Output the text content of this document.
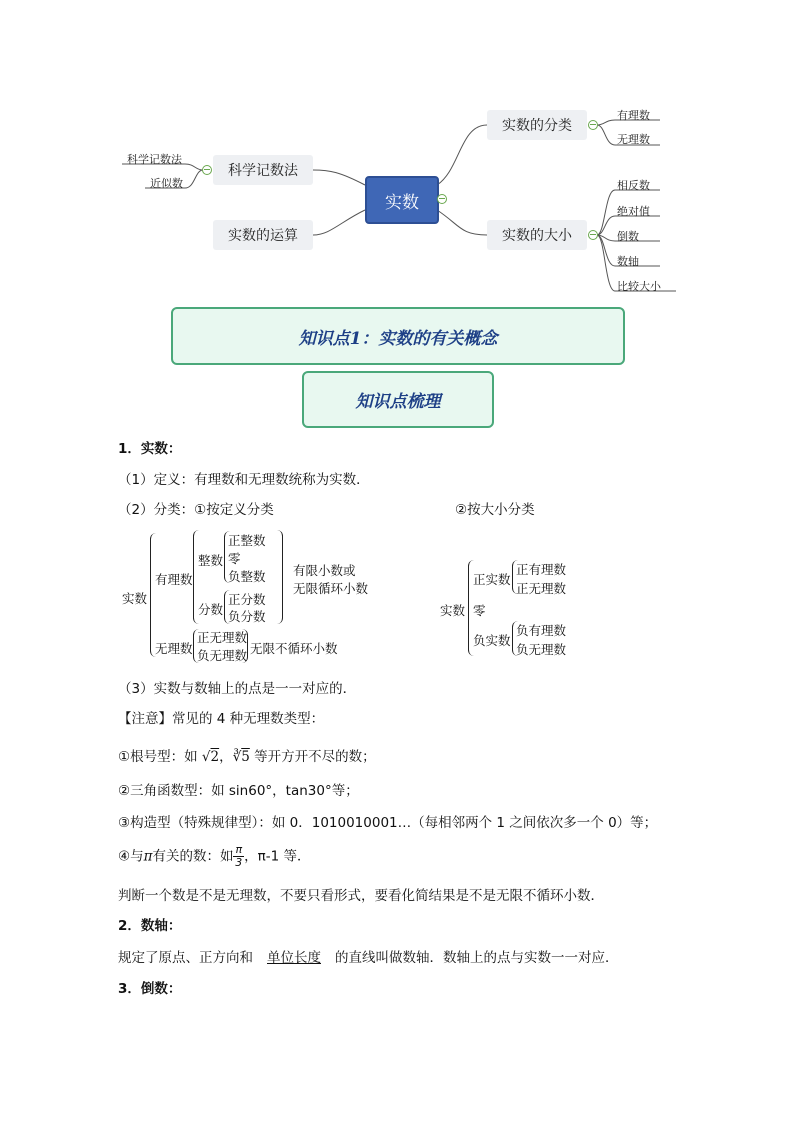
实数
实数的分类
有理数
无理数
实数的大小
相反数
绝对值
倒数
数轴
比较大小
科学记数法
科学记数法
近似数
实数的运算
知识点1：实数的有关概念
知识点梳理
1．实数：
（1）定义：有理数和无理数统称为实数．
（2）分类：①按定义分类	②按大小分类
实数
有理数
整数
正整数
零
负整数
分数
正分数
负分数
有限小数或
无限循环小数
无理数
正无理数
负无理数 无限不循环小数
实数
正实数
正有理数
正无理数
零
负实数
负有理数
负无理数
（3）实数与数轴上的点是一一对应的．
【注意】常见的 4 种无理数类型：
①根号型：如 √2，∛5 等开方开不尽的数；
②三角函数型：如 sin60°，tan30°等；
③构造型（特殊规律型）：如 0．1010010001…（每相邻两个 1 之间依次多一个 0）等；
④与π有关的数：如 $\frac{\pi}{3}$ ，π-1 等．
判断一个数是不是无理数，不要只看形式，要看化简结果是不是无限不循环小数．
2．数轴：
规定了原点、正方向和 单位长度 的直线叫做数轴．数轴上的点与实数一一对应．
3．倒数：
